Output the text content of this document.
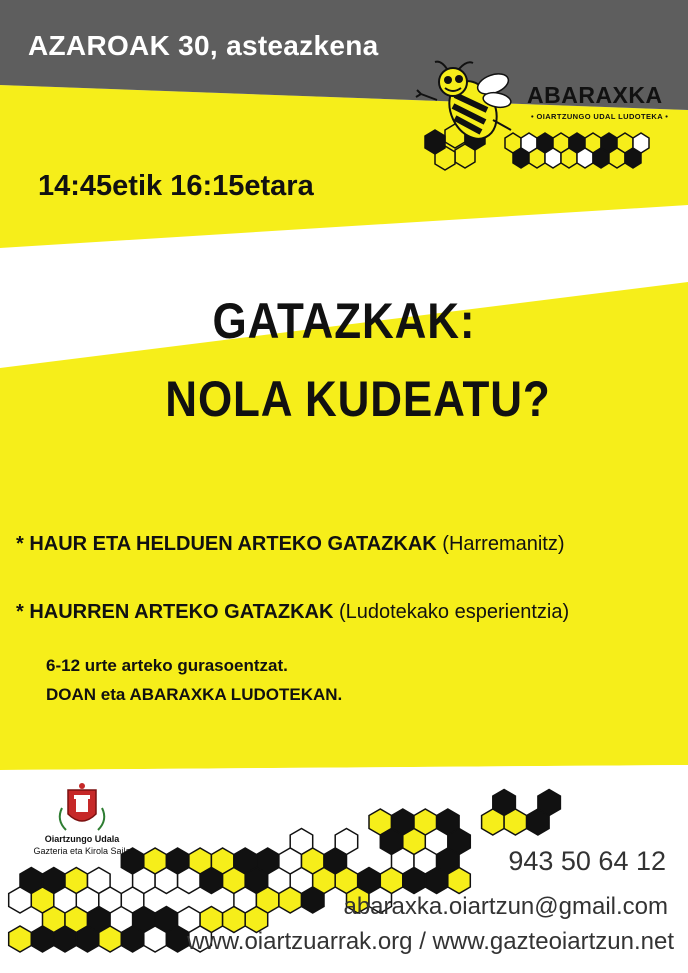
AZAROAK 30, asteazkena
14:45etik 16:15etara
ABARAXKA
• OIARTZUNGO UDAL LUDOTEKA •
GATAZKAK:
NOLA KUDEATU?
* HAUR ETA HELDUEN ARTEKO GATAZKAK (Harremanitz)
* HAURREN ARTEKO GATAZKAK (Ludotekako esperientzia)
6-12 urte arteko gurasoentzat.
DOAN eta ABARAXKA LUDOTEKAN.
Oiartzungo Udala
Gazteria eta Kirola Saila	943 50 64 12
abaraxka.oiartzun@gmail.com
www.oiartzuarrak.org / www.gazteoiartzun.net
